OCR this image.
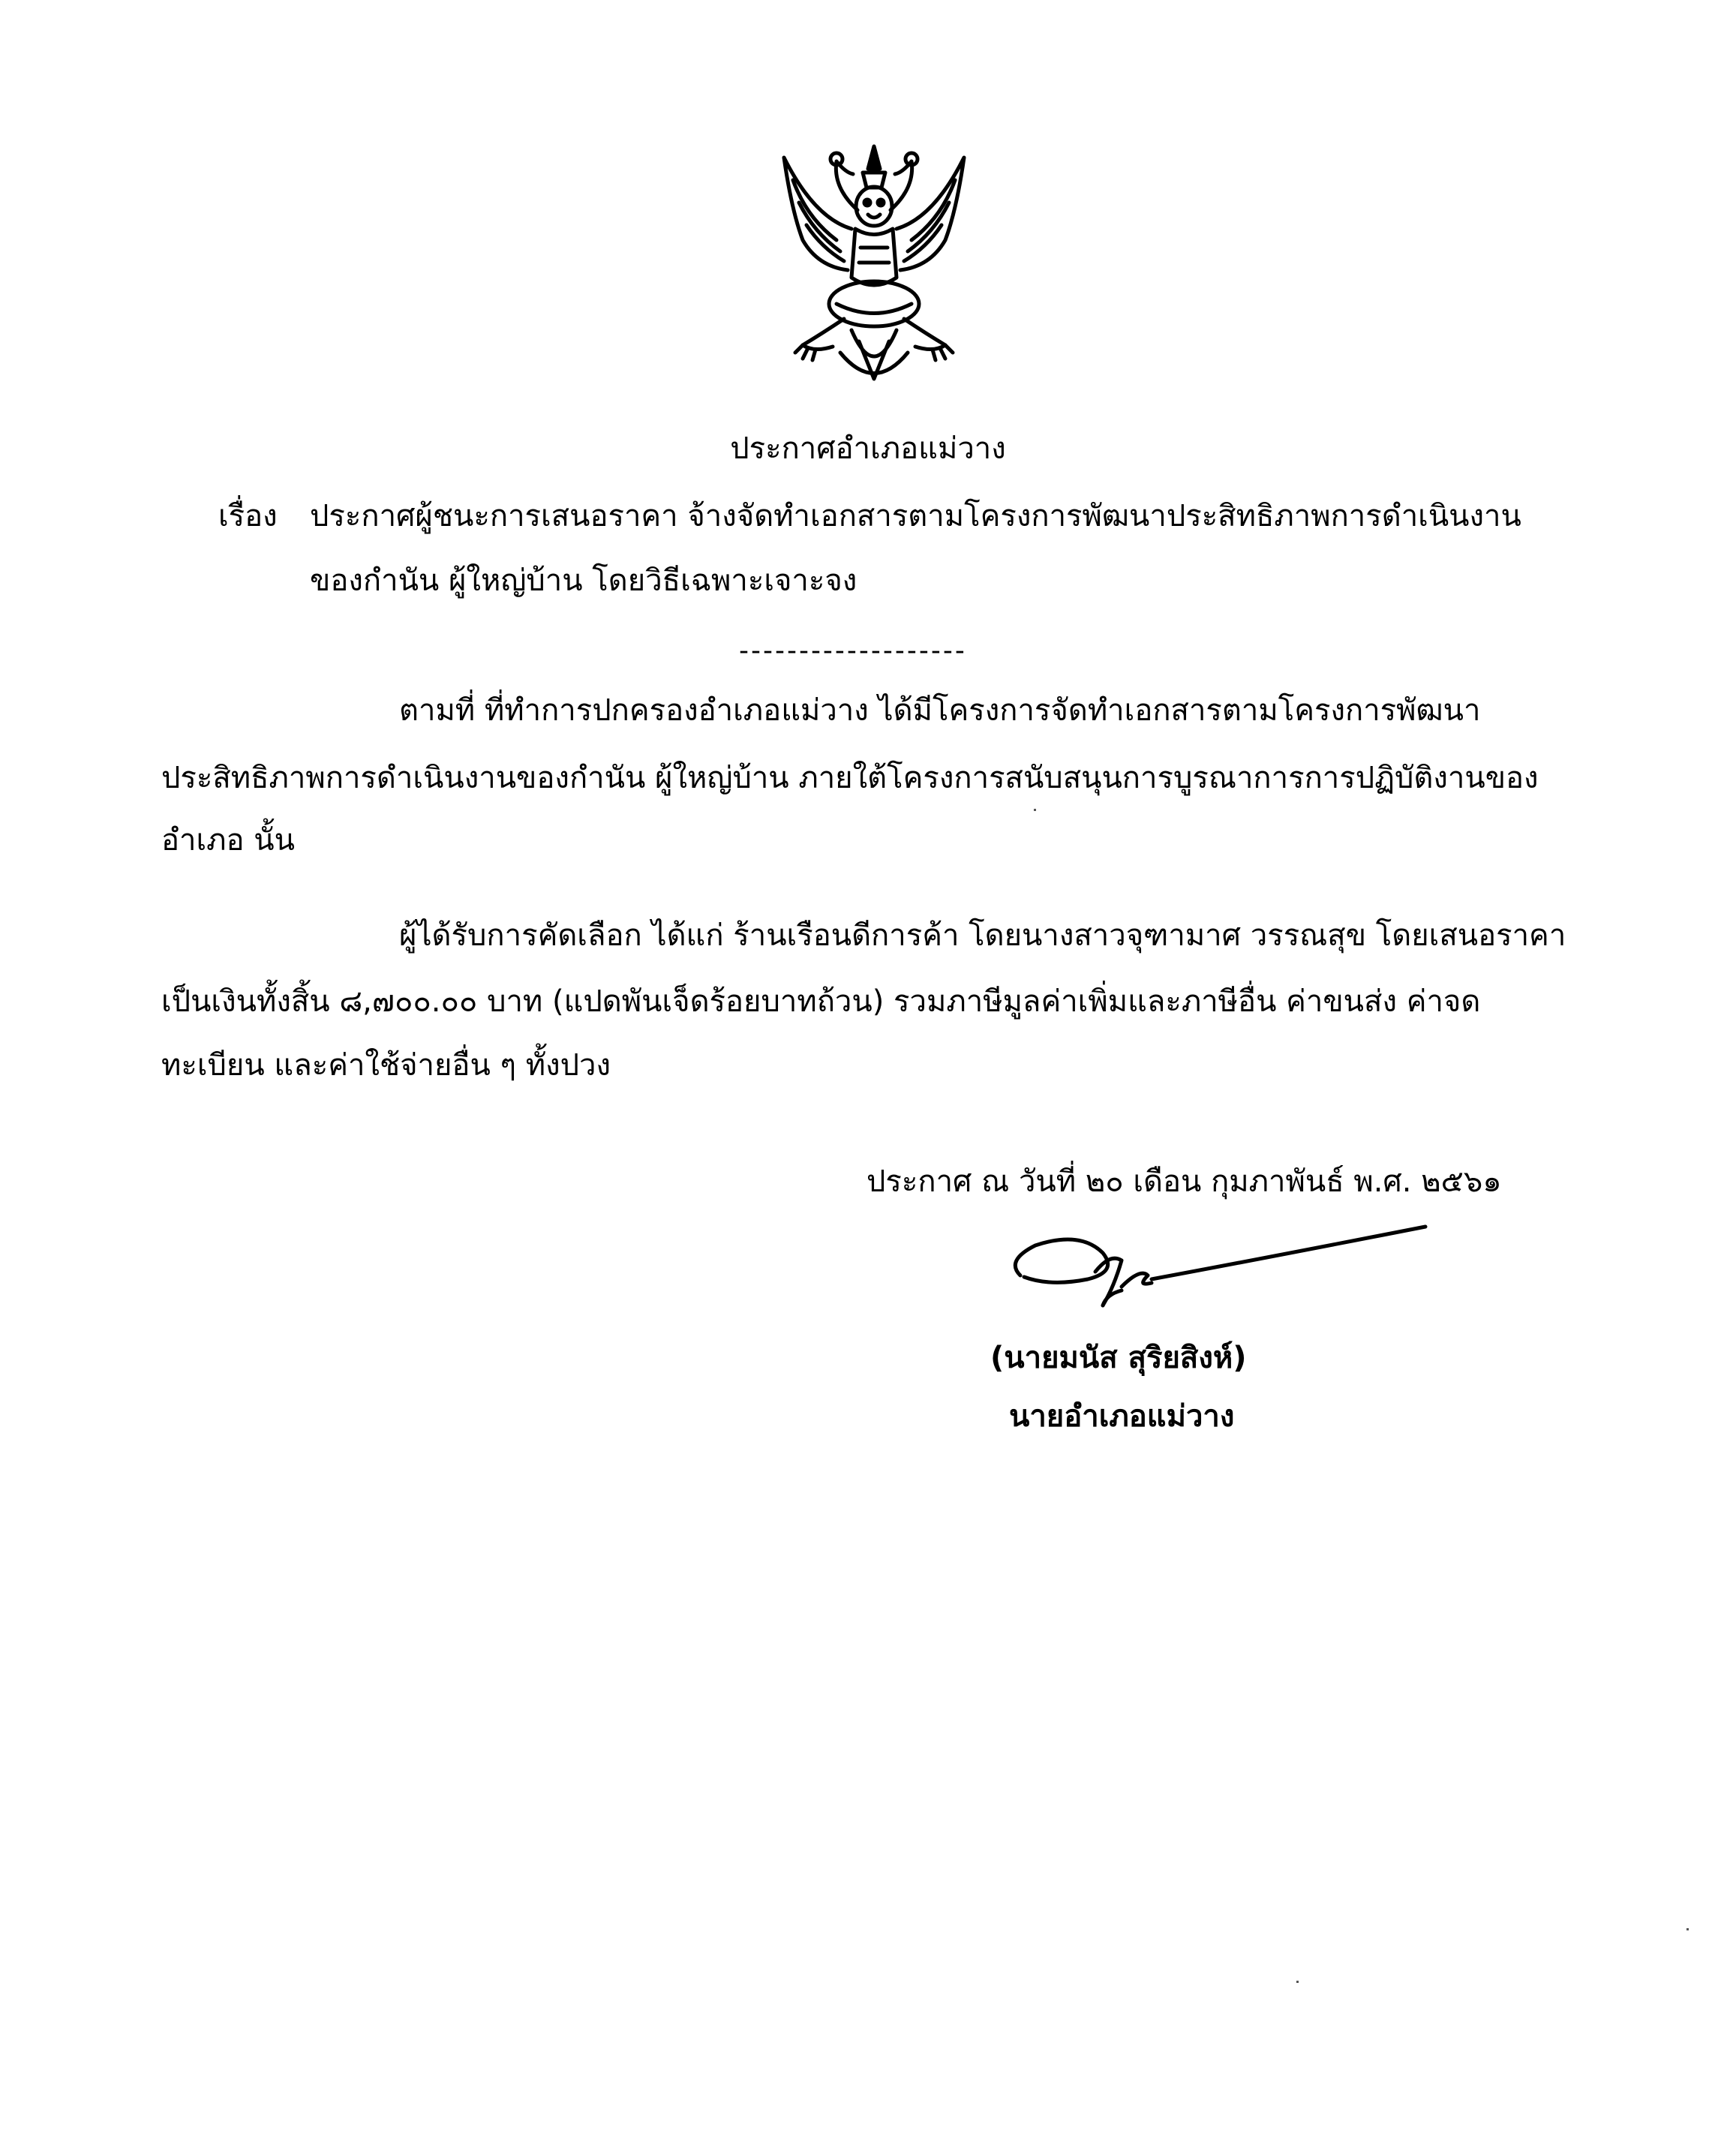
ประกาศอำเภอแม่วาง
เรื่อง ประกาศผู้ชนะการเสนอราคา จ้างจัดทำเอกสารตามโครงการพัฒนาประสิทธิภาพการดำเนินงาน
ของกำนัน ผู้ใหญ่บ้าน โดยวิธีเฉพาะเจาะจง
-------------------
ตามที่ ที่ทำการปกครองอำเภอแม่วาง ได้มีโครงการจัดทำเอกสารตามโครงการพัฒนา
ประสิทธิภาพการดำเนินงานของกำนัน ผู้ใหญ่บ้าน ภายใต้โครงการสนับสนุนการบูรณาการการปฏิบัติงานของ
อำเภอ นั้น
ผู้ได้รับการคัดเลือก ได้แก่ ร้านเรือนดีการค้า โดยนางสาวจุฑามาศ วรรณสุข โดยเสนอราคา
เป็นเงินทั้งสิ้น ๘,๗๐๐.๐๐ บาท (แปดพันเจ็ดร้อยบาทถ้วน) รวมภาษีมูลค่าเพิ่มและภาษีอื่น ค่าขนส่ง ค่าจด
ทะเบียน และค่าใช้จ่ายอื่น ๆ ทั้งปวง
ประกาศ ณ วันที่ ๒๐ เดือน กุมภาพันธ์ พ.ศ. ๒๕๖๑
(นายมนัส สุริยสิงห์)
นายอำเภอแม่วาง
